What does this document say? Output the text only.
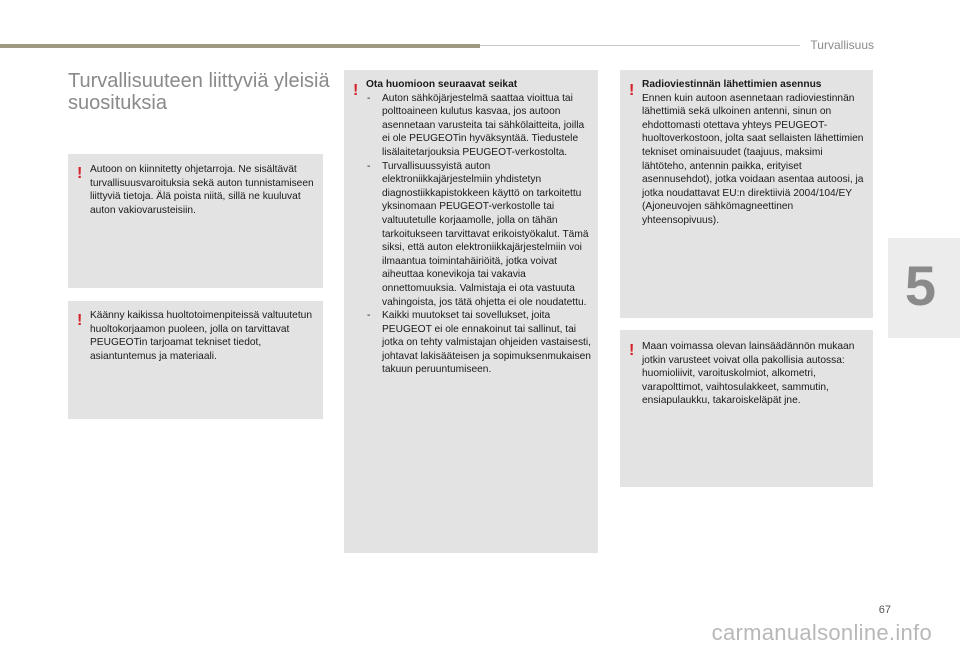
Turvallisuus
5
Turvallisuuteen liittyviä yleisiä suosituksia
! Autoon on kiinnitetty ohjetarroja. Ne sisältävät turvallisuusvaroituksia sekä auton tunnistamiseen liittyviä tietoja. Älä poista niitä, sillä ne kuuluvat auton vakiovarusteisiin.

! Käänny kaikissa huoltotoimenpiteissä valtuutetun huoltokorjaamon puoleen, jolla on tarvittavat PEUGEOTin tarjoamat tekniset tiedot, asiantuntemus ja materiaali.

! Ota huomioon seuraavat seikat
- Auton sähköjärjestelmä saattaa vioittua tai polttoaineen kulutus kasvaa, jos autoon asennetaan varusteita tai sähkölaitteita, joilla ei ole PEUGEOTin hyväksyntää. Tiedustele lisälaitetarjouksia PEUGEOT-verkostolta.
- Turvallisuussyistä auton elektroniikkajärjestelmiin yhdistetyn diagnostiikkapistokkeen käyttö on tarkoitettu yksinomaan PEUGEOT-verkostolle tai valtuutetulle korjaamolle, jolla on tähän tarkoitukseen tarvittavat erikoistyökalut. Tämä siksi, että auton elektroniikkajärjestelmiin voi ilmaantua toimintahäiriöitä, jotka voivat aiheuttaa konevikoja tai vakavia onnettomuuksia. Valmistaja ei ota vastuuta vahingoista, jos tätä ohjetta ei ole noudatettu.
- Kaikki muutokset tai sovellukset, joita PEUGEOT ei ole ennakoinut tai sallinut, tai jotka on tehty valmistajan ohjeiden vastaisesti, johtavat lakisääteisen ja sopimuksenmukaisen takuun peruuntumiseen.
! Radioviestinnän lähettimien asennus
Ennen kuin autoon asennetaan radioviestinnän lähettimiä sekä ulkoinen antenni, sinun on ehdottomasti otettava yhteys PEUGEOT-huoltoverkostoon, jolta saat sellaisten lähettimien tekniset ominaisuudet (taajuus, maksimi lähtöteho, antennin paikka, erityiset asennusehdot), jotka voidaan asentaa autoosi, ja jotka noudattavat EU:n direktiiviä 2004/104/EY (Ajoneuvojen sähkömagneettinen yhteensopivuus).
! Maan voimassa olevan lainsäädännön mukaan jotkin varusteet voivat olla pakollisia autossa: huomioliivit, varoituskolmiot, alkometri, varapolttimot, vaihtosulakkeet, sammutin, ensiapulaukku, takaroiskeläpät jne.

67
carmanualsonline.info
